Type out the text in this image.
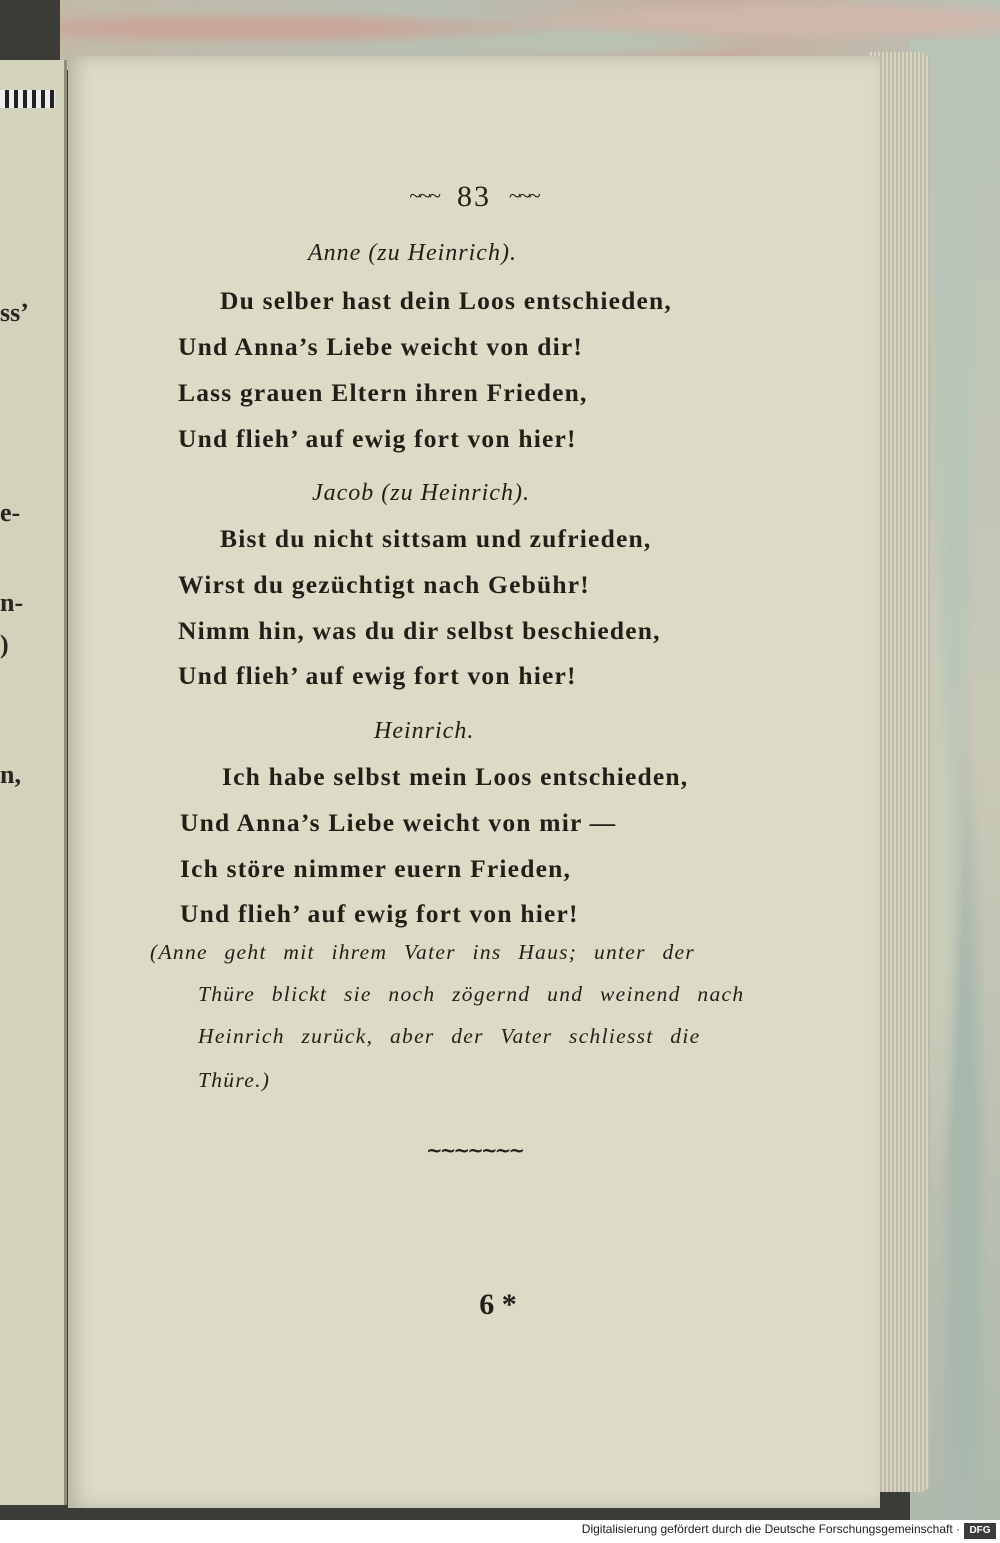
ss’
e-
n-
)
n,
~~~ 83 ~~~
Anne (zu Heinrich).
Du selber hast dein Loos entschieden,
Und Anna’s Liebe weicht von dir!
Lass grauen Eltern ihren Frieden,
Und flieh’ auf ewig fort von hier!
Jacob (zu Heinrich).
Bist du nicht sittsam und zufrieden,
Wirst du gezüchtigt nach Gebühr!
Nimm hin, was du dir selbst beschieden,
Und flieh’ auf ewig fort von hier!
Heinrich.
Ich habe selbst mein Loos entschieden,
Und Anna’s Liebe weicht von mir —
Ich störe nimmer euern Frieden,
Und flieh’ auf ewig fort von hier!
(Anne geht mit ihrem Vater ins Haus; unter der
Thüre blickt sie noch zögernd und weinend nach
Heinrich zurück, aber der Vater schliesst die
Thüre.)
~~~~~~~
6 *
Digitalisierung gefördert durch die Deutsche Forschungsgemeinschaft · DFG
